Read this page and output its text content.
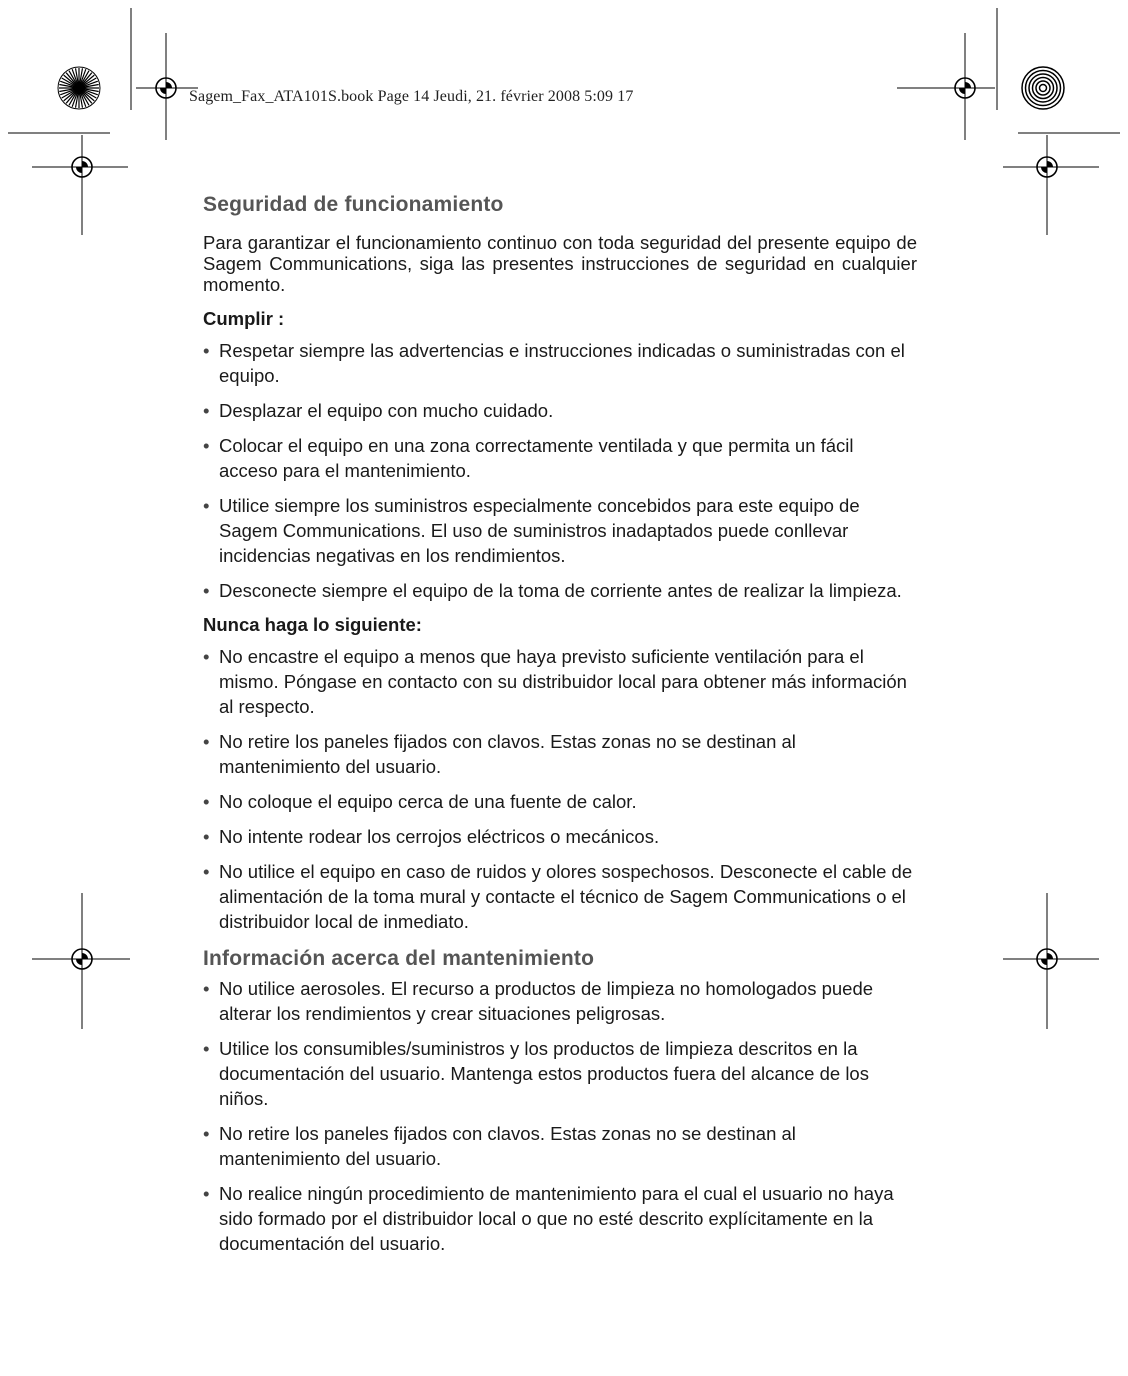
Sagem_Fax_ATA101S.book Page 14 Jeudi, 21. février 2008 5:09 17
Seguridad de funcionamiento

Para garantizar el funcionamiento continuo con toda seguridad del presente equipo de Sagem Communications, siga las presentes instrucciones de seguridad en cualquier momento.

Cumplir :

• Respetar siempre las advertencias e instrucciones indicadas o suministradas con el equipo.
• Desplazar el equipo con mucho cuidado.
• Colocar el equipo en una zona correctamente ventilada y que permita un fácil acceso para el mantenimiento.
• Utilice siempre los suministros especialmente concebidos para este equipo de Sagem Communications. El uso de suministros inadaptados puede conllevar incidencias negativas en los rendimientos.
• Desconecte siempre el equipo de la toma de corriente antes de realizar la limpieza.

Nunca haga lo siguiente:

• No encastre el equipo a menos que haya previsto suficiente ventilación para el mismo. Póngase en contacto con su distribuidor local para obtener más información al respecto.
• No retire los paneles fijados con clavos. Estas zonas no se destinan al mantenimiento del usuario.
• No coloque el equipo cerca de una fuente de calor.
• No intente rodear los cerrojos eléctricos o mecánicos.
• No utilice el equipo en caso de ruidos y olores sospechosos. Desconecte el cable de alimentación de la toma mural y contacte el técnico de Sagem Communications o el distribuidor local de inmediato.
Información acerca del mantenimiento
• No utilice aerosoles. El recurso a productos de limpieza no homologados puede alterar los rendimientos y crear situaciones peligrosas.
• Utilice los consumibles/suministros y los productos de limpieza descritos en la documentación del usuario. Mantenga estos productos fuera del alcance de los niños.
• No retire los paneles fijados con clavos. Estas zonas no se destinan al mantenimiento del usuario.
• No realice ningún procedimiento de mantenimiento para el cual el usuario no haya sido formado por el distribuidor local o que no esté descrito explícitamente en la documentación del usuario.
